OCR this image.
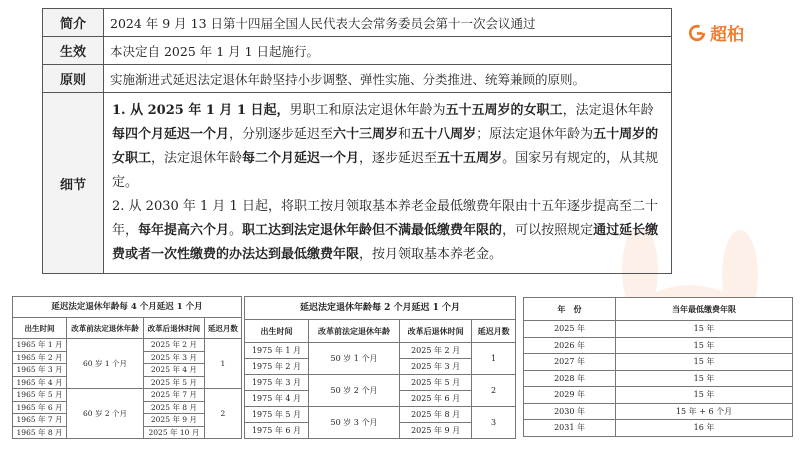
超桕
简介	2024 年 9 月 13 日第十四届全国人民代表大会常务委员会第十一次会议通过
生效	本决定自 2025 年 1 月 1 日起施行。
原则	实施渐进式延迟法定退休年龄坚持小步调整、弹性实施、分类推进、统筹兼顾的原则。
细节	1. 从 2025 年 1 月 1 日起，男职工和原法定退休年龄为五十五周岁的女职工，法定退休年龄每四个月延迟一个月，分别逐步延迟至六十三周岁和五十八周岁；原法定退休年龄为五十周岁的女职工，法定退休年龄每二个月延迟一个月，逐步延迟至五十五周岁。国家另有规定的，从其规定。
2. 从 2030 年 1 月 1 日起，将职工按月领取基本养老金最低缴费年限由十五年逐步提高至二十年，每年提高六个月。职工达到法定退休年龄但不满最低缴费年限的，可以按照规定通过延长缴费或者一次性缴费的办法达到最低缴费年限，按月领取基本养老金。
延迟法定退休年龄每 4 个月延迟 1 个月			
出生时间	改革前法定退休年龄	改革后退休时间	延迟月数
1965 年 1 月	60 岁 1 个月	2025 年 2 月	1
1965 年 2 月		2025 年 3 月	
1965 年 3 月		2025 年 4 月	
1965 年 4 月		2025 年 5 月	
1965 年 5 月	60 岁 2 个月	2025 年 7 月	2
1965 年 6 月		2025 年 8 月	
1965 年 7 月		2025 年 9 月	
1965 年 8 月		2025 年 10 月	
延迟法定退休年龄每 2 个月延迟 1 个月			
出生时间	改革前法定退休年龄	改革后退休时间	延迟月数
1975 年 1 月	50 岁 1 个月	2025 年 2 月	1
1975 年 2 月		2025 年 3 月	
1975 年 3 月	50 岁 2 个月	2025 年 5 月	2
1975 年 4 月		2025 年 6 月	
1975 年 5 月	50 岁 3 个月	2025 年 8 月	3
1975 年 6 月		2025 年 9 月	
年　份	当年最低缴费年限
2025 年	15 年
2026 年	15 年
2027 年	15 年
2028 年	15 年
2029 年	15 年
2030 年	15 年 + 6 个月
2031 年	16 年
